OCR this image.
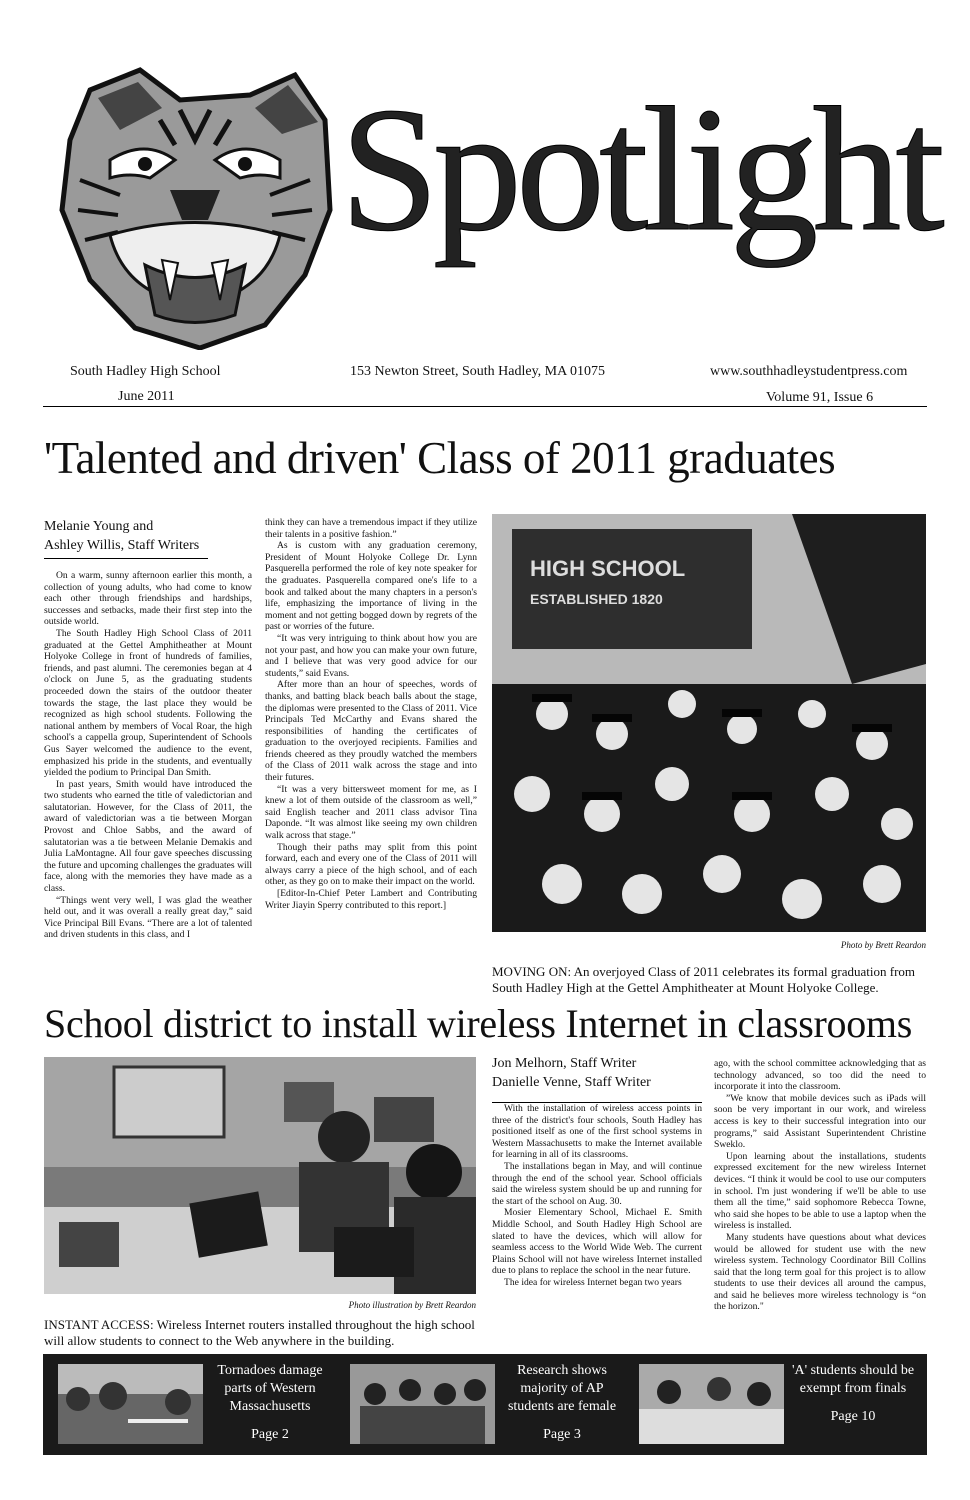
Spotlight
South Hadley High School	153 Newton Street, South Hadley, MA 01075	www.southhadleystudentpress.com
June 2011	Volume 91, Issue 6
'Talented and driven' Class of 2011 graduates
Melanie Young and
Ashley Willis, Staff Writers

On a warm, sunny afternoon earlier this month, a collection of young adults, who had come to know each other through friendships and hardships, successes and setbacks, made their first step into the outside world.

The South Hadley High School Class of 2011 graduated at the Gettel Amphitheather at Mount Holyoke College in front of hundreds of families, friends, and past alumni. The ceremonies began at 4 o'clock on June 5, as the graduating students proceeded down the stairs of the outdoor theater towards the stage, the last place they would be recognized as high school students. Following the national anthem by members of Vocal Roar, the high school's a cappella group, Superintendent of Schools Gus Sayer welcomed the audience to the event, emphasized his pride in the students, and eventually yielded the podium to Principal Dan Smith.

In past years, Smith would have introduced the two students who earned the title of valedictorian and salutatorian. However, for the Class of 2011, the award of valedictorian was a tie between Morgan Provost and Chloe Sabbs, and the award of salutatorian was a tie between Melanie Demakis and Julia LaMontagne. All four gave speeches discussing the future and upcoming challenges the graduates will face, along with the memories they have made as a class.

“Things went very well, I was glad the weather held out, and it was overall a really great day,” said Vice Principal Bill Evans. “There are a lot of talented and driven students in this class, and I

think they can have a tremendous impact if they utilize their talents in a positive fashion.”

As is custom with any graduation ceremony, President of Mount Holyoke College Dr. Lynn Pasquerella performed the role of key note speaker for the graduates. Pasquerella compared one's life to a book and talked about the many chapters in a person's life, emphasizing the importance of living in the moment and not getting bogged down by regrets of the past or worries of the future.

“It was very intriguing to think about how you are not your past, and how you can make your own future, and I believe that was very good advice for our students,” said Evans.

After more than an hour of speeches, words of thanks, and batting black beach balls about the stage, the diplomas were presented to the Class of 2011. Vice Principals Ted McCarthy and Evans shared the responsibilities of handing the certificates of graduation to the overjoyed recipients. Families and friends cheered as they proudly watched the members of the Class of 2011 walk across the stage and into their futures.

“It was a very bittersweet moment for me, as I knew a lot of them outside of the classroom as well,” said English teacher and 2011 class advisor Tina Daponde. “It was almost like seeing my own children walk across that stage.”

Though their paths may split from this point forward, each and every one of the Class of 2011 will always carry a piece of the high school, and of each other, as they go on to make their impact on the world.

[Editor-In-Chief Peter Lambert and Contributing Writer Jiayin Sperry contributed to this report.]

HIGH SCHOOL
ESTABLISHED 1820
Photo by Brett Reardon
MOVING ON: An overjoyed Class of 2011 celebrates its formal graduation from South Hadley High at the Gettel Amphitheater at Mount Holyoke College.
School district to install wireless Internet in classrooms
Photo illustration by Brett Reardon
INSTANT ACCESS: Wireless Internet routers installed throughout the high school will allow students to connect to the Web anywhere in the building.
Jon Melhorn, Staff Writer
Danielle Venne, Staff Writer

With the installation of wireless access points in three of the district's four schools, South Hadley has positioned itself as one of the first school systems in Western Massachusetts to make the Internet available for learning in all of its classrooms.

The installations began in May, and will continue through the end of the school year. School officials said the wireless system should be up and running for the start of the school on Aug. 30.

Mosier Elementary School, Michael E. Smith Middle School, and South Hadley High School are slated to have the devices, which will allow for seamless access to the World Wide Web. The current Plains School will not have wireless Internet installed due to plans to replace the school in the near future.

The idea for wireless Internet began two years

ago, with the school committee acknowledging that as technology advanced, so too did the need to incorporate it into the classroom.

”We know that mobile devices such as iPads will soon be very important in our work, and wireless access is key to their successful integration into our programs,” said Assistant Superintendent Christine Sweklo.

Upon learning about the installations, students expressed excitement for the new wireless Internet devices. “I think it would be cool to use our computers in school. I'm just wondering if we'll be able to use them all the time,” said sophomore Rebecca Towne, who said she hopes to be able to use a laptop when the wireless is installed.

Many students have questions about what devices would be allowed for student use with the new wireless system. Technology Coordinator Bill Collins said that the long term goal for this project is to allow students to use their devices all around the campus, and said he believes more wireless technology is “on the horizon."

Tornadoes damage parts of Western Massachusetts
Page 2
Research shows majority of AP students are female
Page 3
'A' students should be exempt from finals
Page 10
